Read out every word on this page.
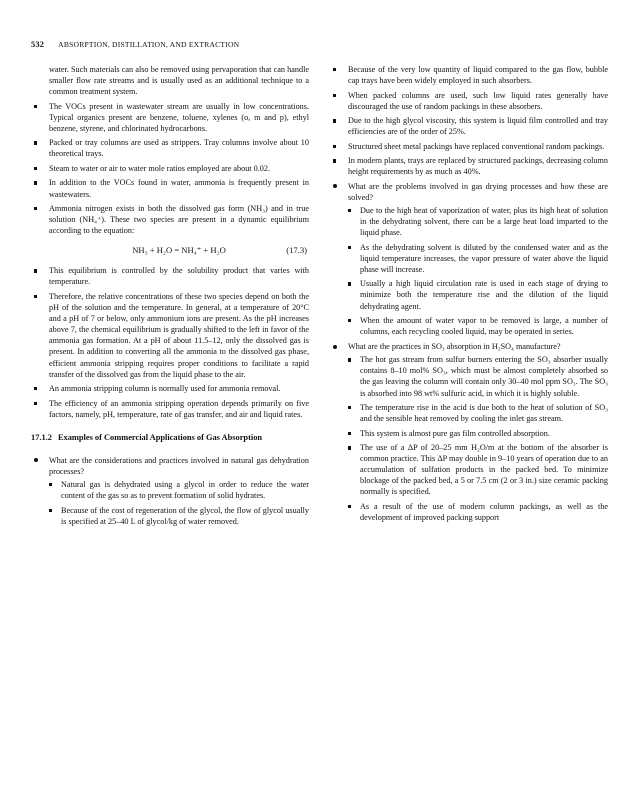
532 ABSORPTION, DISTILLATION, AND EXTRACTION

water. Such materials can also be removed using pervaporation that can handle smaller flow rate streams and is usually used as an additional technique to a common treatment system.

The VOCs present in wastewater stream are usually in low concentrations. Typical organics present are benzene, toluene, xylenes (o, m and p), ethyl benzene, styrene, and chlorinated hydrocarbons.
Packed or tray columns are used as strippers. Tray columns involve about 10 theoretical trays.
Steam to water or air to water mole ratios employed are about 0.02.
In addition to the VOCs found in water, ammonia is frequently present in wastewaters.
Ammonia nitrogen exists in both the dissolved gas form (NH₃) and in true solution (NH₄⁺). These two species are present in a dynamic equilibrium according to the equation:
NH₃ + H₂O = NH₄⁺ + H₂O	(17.3)
This equilibrium is controlled by the solubility product that varies with temperature.
Therefore, the relative concentrations of these two species depend on both the pH of the solution and the temperature. In general, at a temperature of 20°C and a pH of 7 or below, only ammonium ions are present. As the pH increases above 7, the chemical equilibrium is gradually shifted to the left in favor of the ammonia gas formation. At a pH of about 11.5–12, only the dissolved gas is present. In addition to converting all the ammonia to the dissolved gas phase, efficient ammonia stripping requires proper conditions to facilitate a rapid transfer of the dissolved gas from the liquid phase to the air.
An ammonia stripping column is normally used for ammonia removal.
The efficiency of an ammonia stripping operation depends primarily on five factors, namely, pH, temperature, rate of gas transfer, and air and liquid rates.
17.1.2 Examples of Commercial Applications of Gas Absorption
What are the considerations and practices involved in natural gas dehydration processes?
Natural gas is dehydrated using a glycol in order to reduce the water content of the gas so as to prevent formation of solid hydrates.
Because of the cost of regeneration of the glycol, the flow of glycol usually is specified at 25–40 L of glycol/kg of water removed.
Because of the very low quantity of liquid compared to the gas flow, bubble cap trays have been widely employed in such absorbers.
When packed columns are used, such low liquid rates generally have discouraged the use of random packings in these absorbers.
Due to the high glycol viscosity, this system is liquid film controlled and tray efficiencies are of the order of 25%.
Structured sheet metal packings have replaced conventional random packings.
In modern plants, trays are replaced by structured packings, decreasing column height requirements by as much as 40%.
What are the problems involved in gas drying processes and how these are solved?
Due to the high heat of vaporization of water, plus its high heat of solution in the dehydrating solvent, there can be a large heat load imparted to the liquid phase.
As the dehydrating solvent is diluted by the condensed water and as the liquid temperature increases, the vapor pressure of water above the liquid phase will increase.
Usually a high liquid circulation rate is used in each stage of drying to minimize both the temperature rise and the dilution of the liquid dehydrating agent.
When the amount of water vapor to be removed is large, a number of columns, each recycling cooled liquid, may be operated in series.
What are the practices in SO₃ absorption in H₂SO₄ manufacture?
The hot gas stream from sulfur burners entering the SO₃ absorber usually contains 8–10 mol% SO₃, which must be almost completely absorbed so the gas leaving the column will contain only 30–40 mol ppm SO₃. The SO₃ is absorbed into 98 wt% sulfuric acid, in which it is highly soluble.
The temperature rise in the acid is due both to the heat of solution of SO₃ and the sensible heat removed by cooling the inlet gas stream.
This system is almost pure gas film controlled absorption.
The use of a ΔP of 20–25 mm H₂O/m at the bottom of the absorber is common practice. This ΔP may double in 9–10 years of operation due to an accumulation of sulfation products in the packed bed. To minimize blockage of the packed bed, a 5 or 7.5 cm (2 or 3 in.) size ceramic packing normally is specified.
As a result of the use of modern column packings, as well as the development of improved packing support
